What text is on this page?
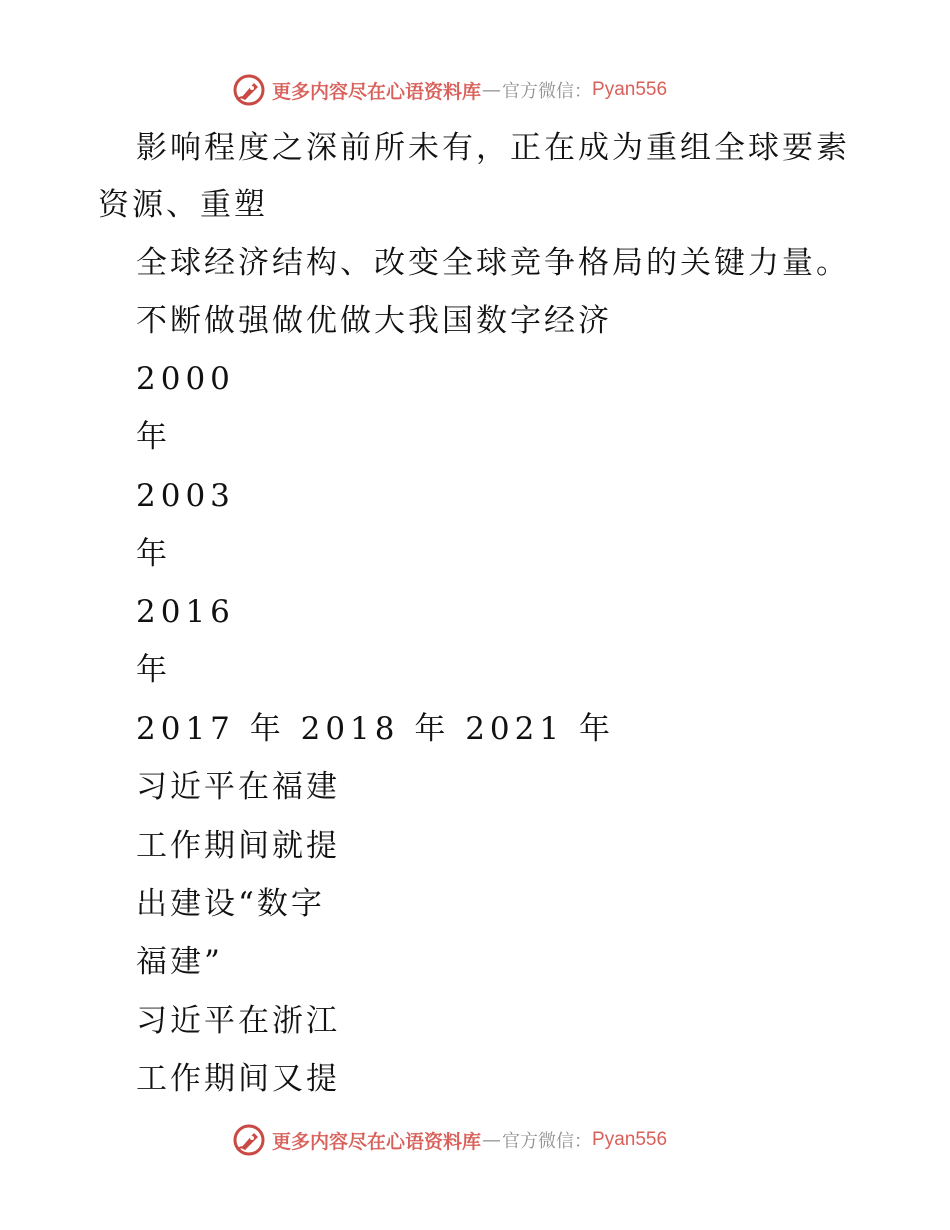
更多内容尽在心语资料库 — 官方微信： Pyan556
影响程度之深前所未有，正在成为重组全球要素
资源、重塑
全球经济结构、改变全球竞争格局的关键力量。
不断做强做优做大我国数字经济
2000
年
2003
年
2016
年
2017 年 2018 年 2021 年
习近平在福建
工作期间就提
出建设“数字
福建”
习近平在浙江
工作期间又提
更多内容尽在心语资料库 — 官方微信： Pyan556
